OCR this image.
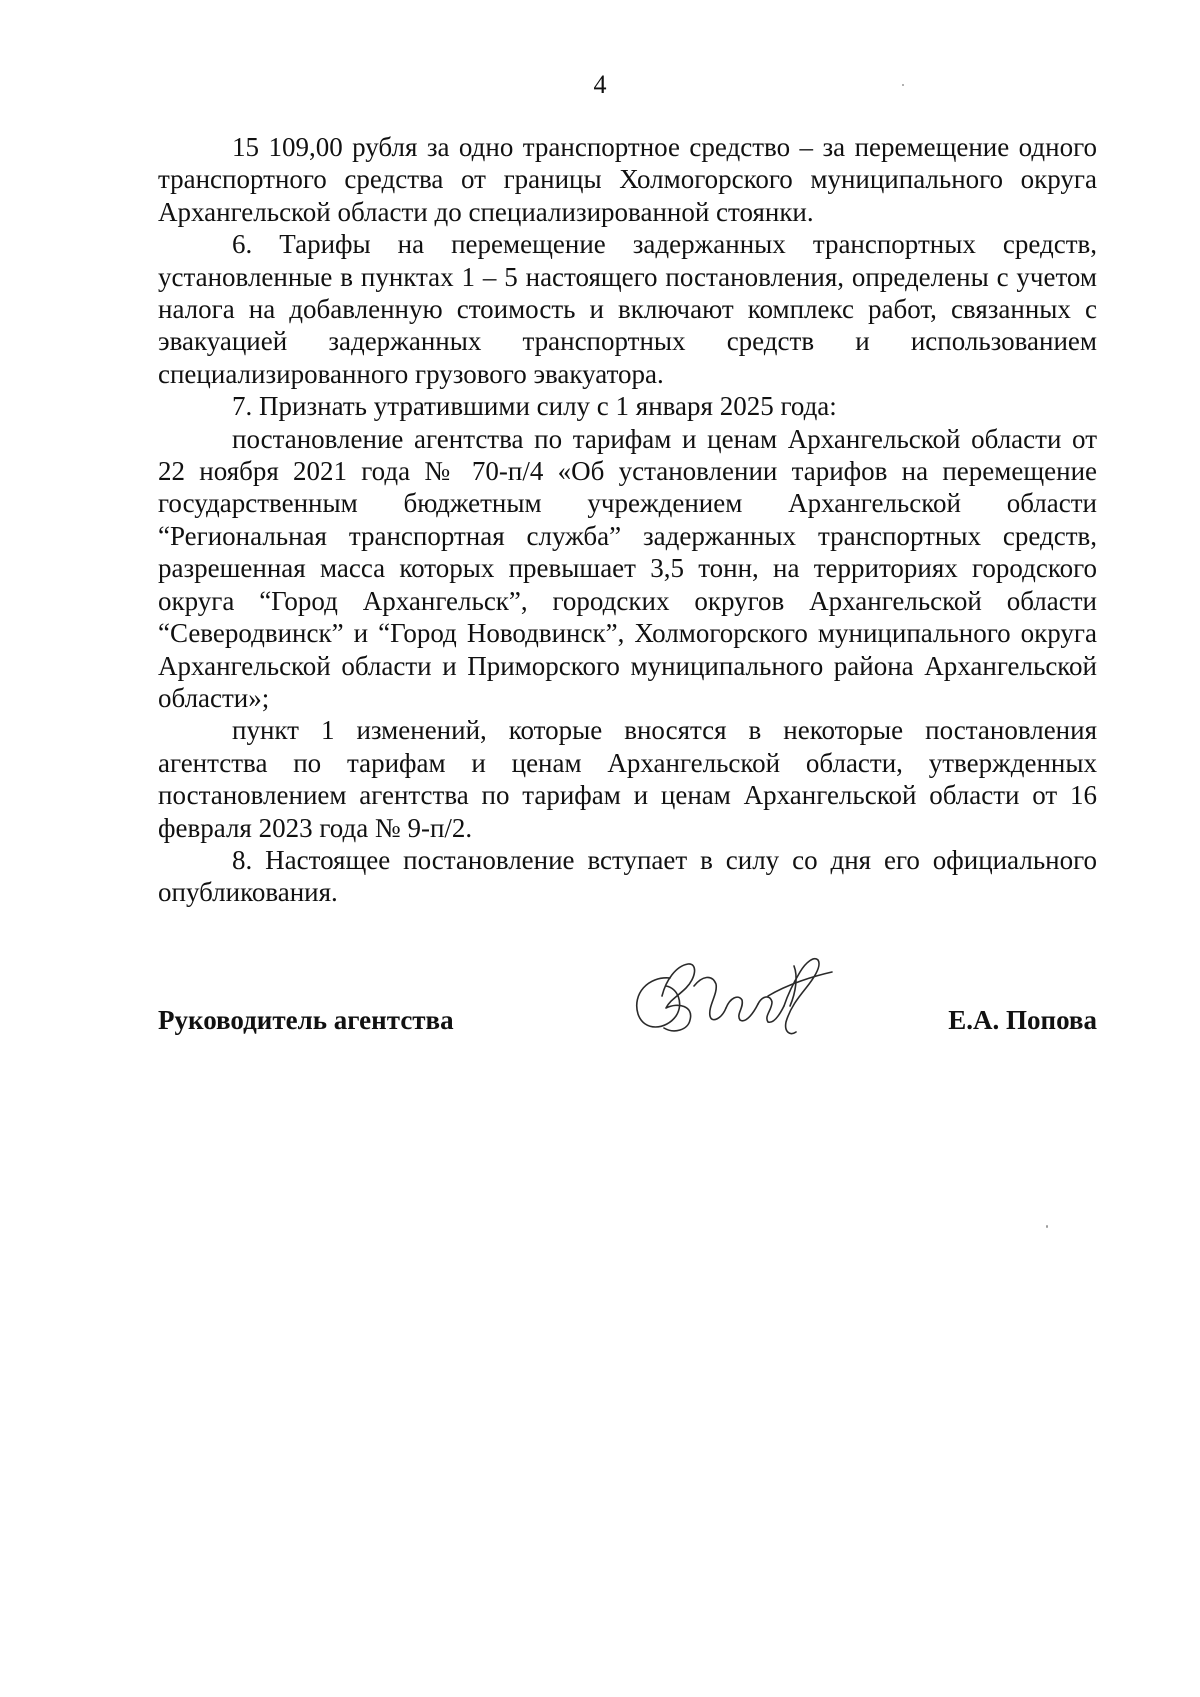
4

15 109,00 рубля за одно транспортное средство – за перемещение одного транспортного средства от границы Холмогорского муниципального округа Архангельской области до специализированной стоянки.

6. Тарифы на перемещение задержанных транспортных средств, установленные в пунктах 1 – 5 настоящего постановления, определены с учетом налога на добавленную стоимость и включают комплекс работ, связанных с эвакуацией задержанных транспортных средств и использованием специализированного грузового эвакуатора.

7. Признать утратившими силу с 1 января 2025 года:

постановление агентства по тарифам и ценам Архангельской области от 22 ноября 2021 года № 70-п/4 «Об установлении тарифов на перемещение государственным бюджетным учреждением Архангельской области “Региональная транспортная служба” задержанных транспортных средств, разрешенная масса которых превышает 3,5 тонн, на территориях городского округа “Город Архангельск”, городских округов Архангельской области “Северодвинск” и “Город Новодвинск”, Холмогорского муниципального округа Архангельской области и Приморского муниципального района Архангельской области»;

пункт 1 изменений, которые вносятся в некоторые постановления агентства по тарифам и ценам Архангельской области, утвержденных постановлением агентства по тарифам и ценам Архангельской области от 16 февраля 2023 года № 9-п/2.

8. Настоящее постановление вступает в силу со дня его официального опубликования.

Руководитель агентства	Е.А. Попова
